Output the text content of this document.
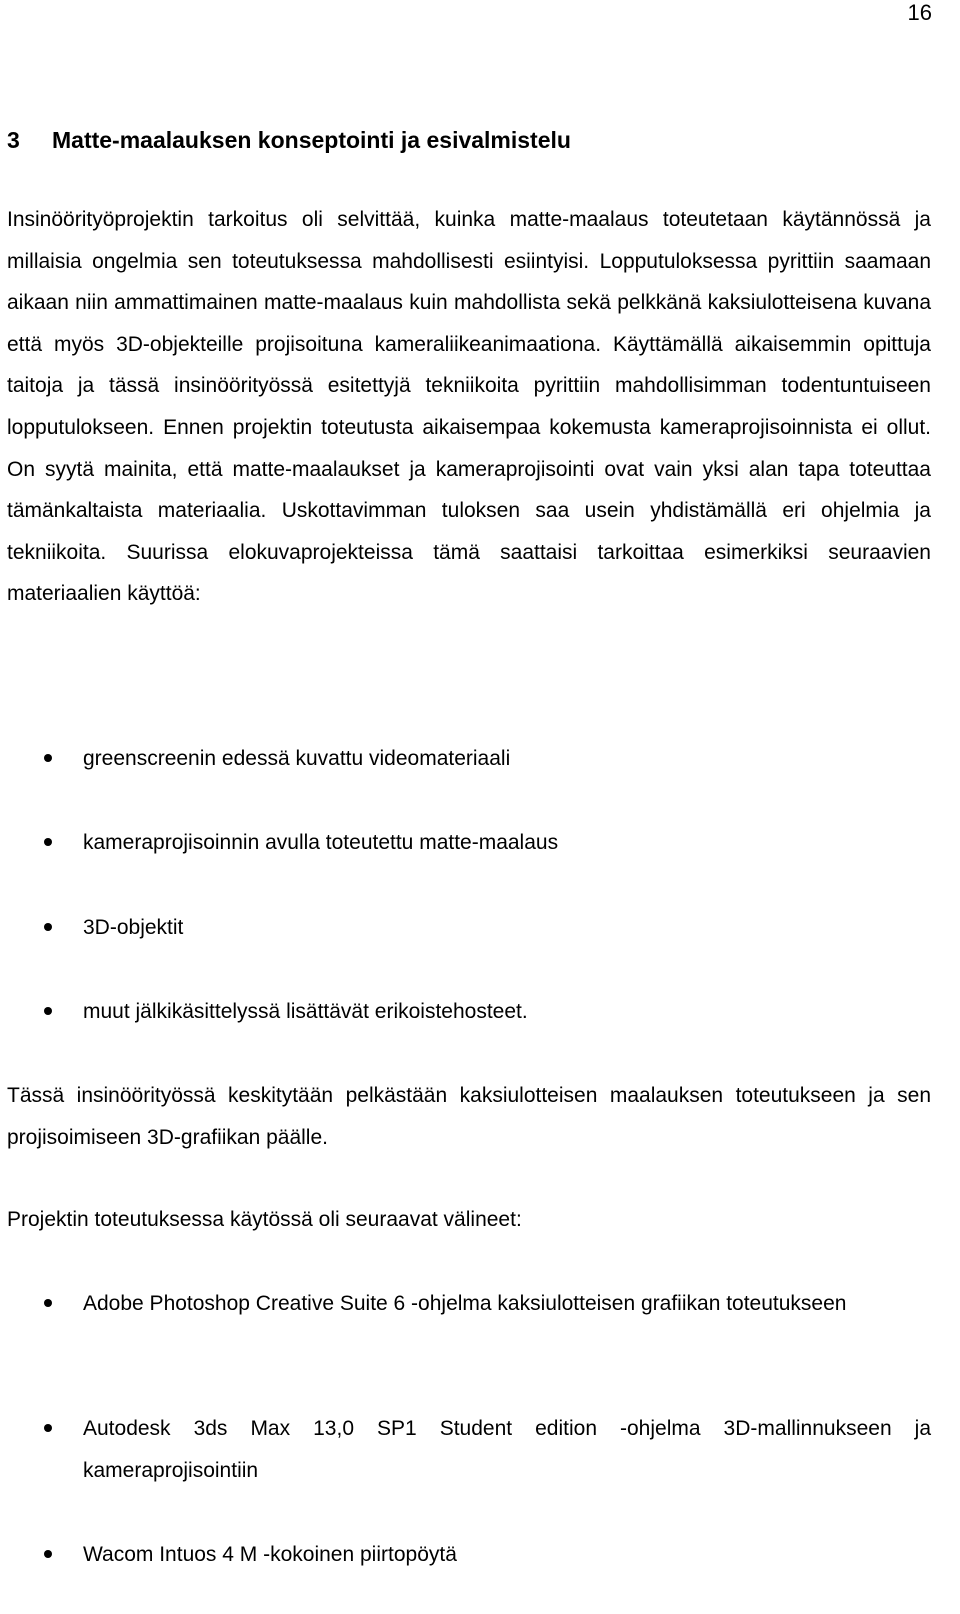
16
3 Matte-maalauksen konseptointi ja esivalmistelu

Insinöörityöprojektin tarkoitus oli selvittää, kuinka matte-maalaus toteutetaan käytännössä ja millaisia ongelmia sen toteutuksessa mahdollisesti esiintyisi. Lopputuloksessa pyrittiin saamaan aikaan niin ammattimainen matte-maalaus kuin mahdollista sekä pelkkänä kaksiulotteisena kuvana että myös 3D-objekteille projisoituna kameraliikeanimaationa. Käyttämällä aikaisemmin opittuja taitoja ja tässä insinöörityössä esitettyjä tekniikoita pyrittiin mahdollisimman todentuntuiseen lopputulokseen. Ennen projektin toteutusta aikaisempaa kokemusta kameraprojisoinnista ei ollut. On syytä mainita, että matte-maalaukset ja kameraprojisointi ovat vain yksi alan tapa toteuttaa tämänkaltaista materiaalia. Uskottavimman tuloksen saa usein yhdistämällä eri ohjelmia ja tekniikoita. Suurissa elokuvaprojekteissa tämä saattaisi tarkoittaa esimerkiksi seuraavien materiaalien käyttöä:

greenscreenin edessä kuvattu videomateriaali
kameraprojisoinnin avulla toteutettu matte-maalaus
3D-objektit
muut jälkikäsittelyssä lisättävät erikoistehosteet.

Tässä insinöörityössä keskitytään pelkästään kaksiulotteisen maalauksen toteutukseen ja sen projisoimiseen 3D-grafiikan päälle.

Projektin toteutuksessa käytössä oli seuraavat välineet:

Adobe Photoshop Creative Suite 6 -ohjelma kaksiulotteisen grafiikan toteutukseen
Autodesk 3ds Max 13,0 SP1 Student edition -ohjelma 3D-mallinnukseen ja kameraprojisointiin
Wacom Intuos 4 M -kokoinen piirtopöytä
